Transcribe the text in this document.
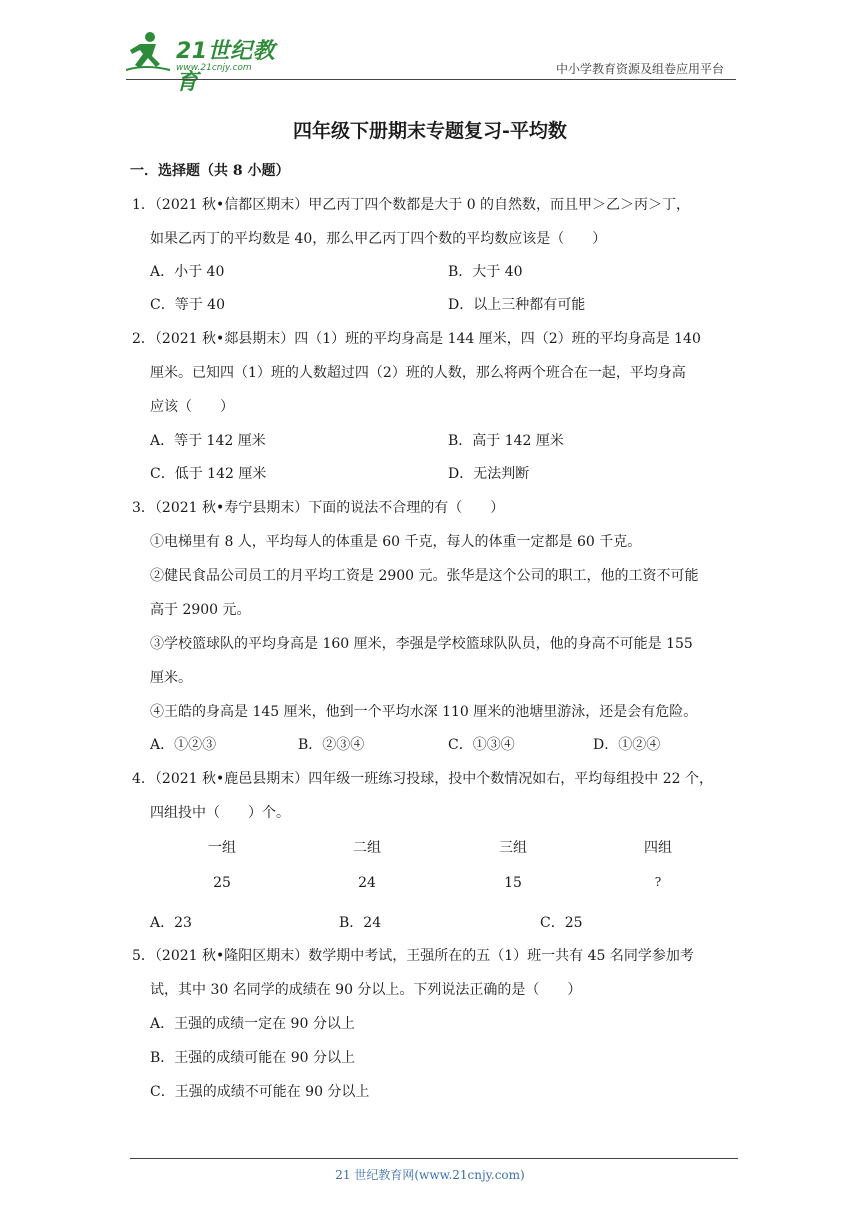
21世纪教育
www.21cnjy.com	中小学教育资源及组卷应用平台
四年级下册期末专题复习-平均数
一．选择题（共 8 小题）
1．（2021 秋•信都区期末）甲乙丙丁四个数都是大于 0 的自然数，而且甲＞乙＞丙＞丁，
如果乙丙丁的平均数是 40，那么甲乙丙丁四个数的平均数应该是（　　）
A．小于 40	B．大于 40
C．等于 40	D．以上三种都有可能
2．（2021 秋•郯县期末）四（1）班的平均身高是 144 厘米，四（2）班的平均身高是 140
厘米。已知四（1）班的人数超过四（2）班的人数，那么将两个班合在一起，平均身高
应该（　　）
A．等于 142 厘米	B．高于 142 厘米
C．低于 142 厘米	D．无法判断
3．（2021 秋•寿宁县期末）下面的说法不合理的有（　　）
①电梯里有 8 人，平均每人的体重是 60 千克，每人的体重一定都是 60 千克。
②健民食品公司员工的月平均工资是 2900 元。张华是这个公司的职工，他的工资不可能
高于 2900 元。
③学校篮球队的平均身高是 160 厘米，李强是学校篮球队队员，他的身高不可能是 155
厘米。
④王皓的身高是 145 厘米，他到一个平均水深 110 厘米的池塘里游泳，还是会有危险。
A．①②③	B．②③④	C．①③④	D．①②④
4．（2021 秋•鹿邑县期末）四年级一班练习投球，投中个数情况如右，平均每组投中 22 个，
四组投中（　　）个。
一组	二组	三组	四组
25	24	15	?
A．23	B．24	C．25
5．（2021 秋•隆阳区期末）数学期中考试，王强所在的五（1）班一共有 45 名同学参加考
试，其中 30 名同学的成绩在 90 分以上。下列说法正确的是（　　）
A．王强的成绩一定在 90 分以上
B．王强的成绩可能在 90 分以上
C．王强的成绩不可能在 90 分以上
21 世纪教育网(www.21cnjy.com)
